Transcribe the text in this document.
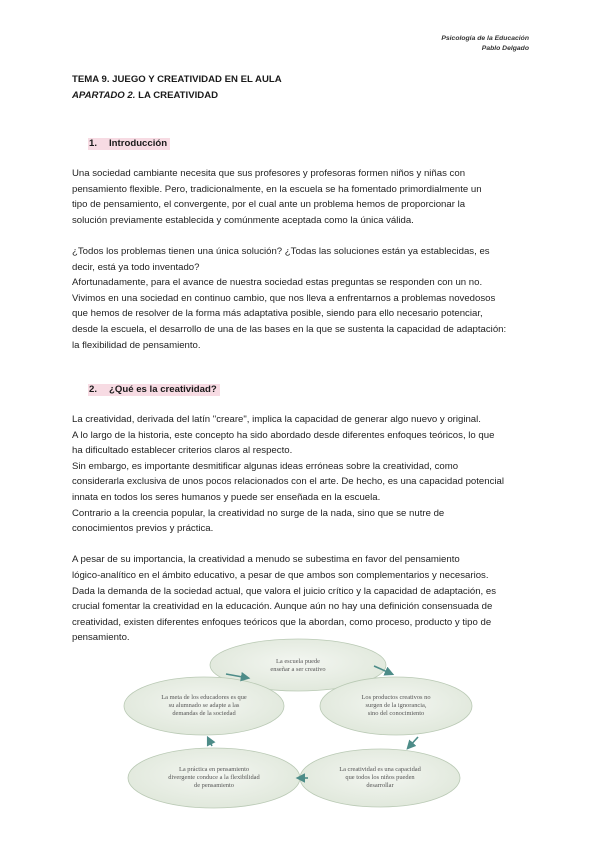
Psicología de la Educación
Pablo Delgado
TEMA 9. JUEGO Y CREATIVIDAD EN EL AULA
APARTADO 2. LA CREATIVIDAD
1. Introducción

Una sociedad cambiante necesita que sus profesores y profesoras formen niños y niñas con

pensamiento flexible. Pero, tradicionalmente, en la escuela se ha fomentado primordialmente un

tipo de pensamiento, el convergente, por el cual ante un problema hemos de proporcionar la

solución previamente establecida y comúnmente aceptada como la única válida.

¿Todos los problemas tienen una única solución? ¿Todas las soluciones están ya establecidas, es

decir, está ya todo inventado?

Afortunadamente, para el avance de nuestra sociedad estas preguntas se responden con un no.

Vivimos en una sociedad en continuo cambio, que nos lleva a enfrentarnos a problemas novedosos

que hemos de resolver de la forma más adaptativa posible, siendo para ello necesario potenciar,

desde la escuela, el desarrollo de una de las bases en la que se sustenta la capacidad de adaptación:

la flexibilidad de pensamiento.

2. ¿Qué es la creatividad?

La creatividad, derivada del latín "creare", implica la capacidad de generar algo nuevo y original.

A lo largo de la historia, este concepto ha sido abordado desde diferentes enfoques teóricos, lo que

ha dificultado establecer criterios claros al respecto.

Sin embargo, es importante desmitificar algunas ideas erróneas sobre la creatividad, como

considerarla exclusiva de unos pocos relacionados con el arte. De hecho, es una capacidad potencial

innata en todos los seres humanos y puede ser enseñada en la escuela.

Contrario a la creencia popular, la creatividad no surge de la nada, sino que se nutre de

conocimientos previos y práctica.

A pesar de su importancia, la creatividad a menudo se subestima en favor del pensamiento

lógico-analítico en el ámbito educativo, a pesar de que ambos son complementarios y necesarios.

Dada la demanda de la sociedad actual, que valora el juicio crítico y la capacidad de adaptación, es

crucial fomentar la creatividad en la educación. Aunque aún no hay una definición consensuada de

creatividad, existen diferentes enfoques teóricos que la abordan, como proceso, producto y tipo de

pensamiento.

La escuela puede
enseñar a ser creativo
Los productos creativos no
surgen de la ignorancia,
sino del conocimiento
La creatividad es una capacidad
que todos los niños pueden
desarrollar
La práctica en pensamiento
divergente conduce a la flexibilidad
de pensamiento
La meta de los educadores es que
su alumnado se adapte a las
demandas de la sociedad
